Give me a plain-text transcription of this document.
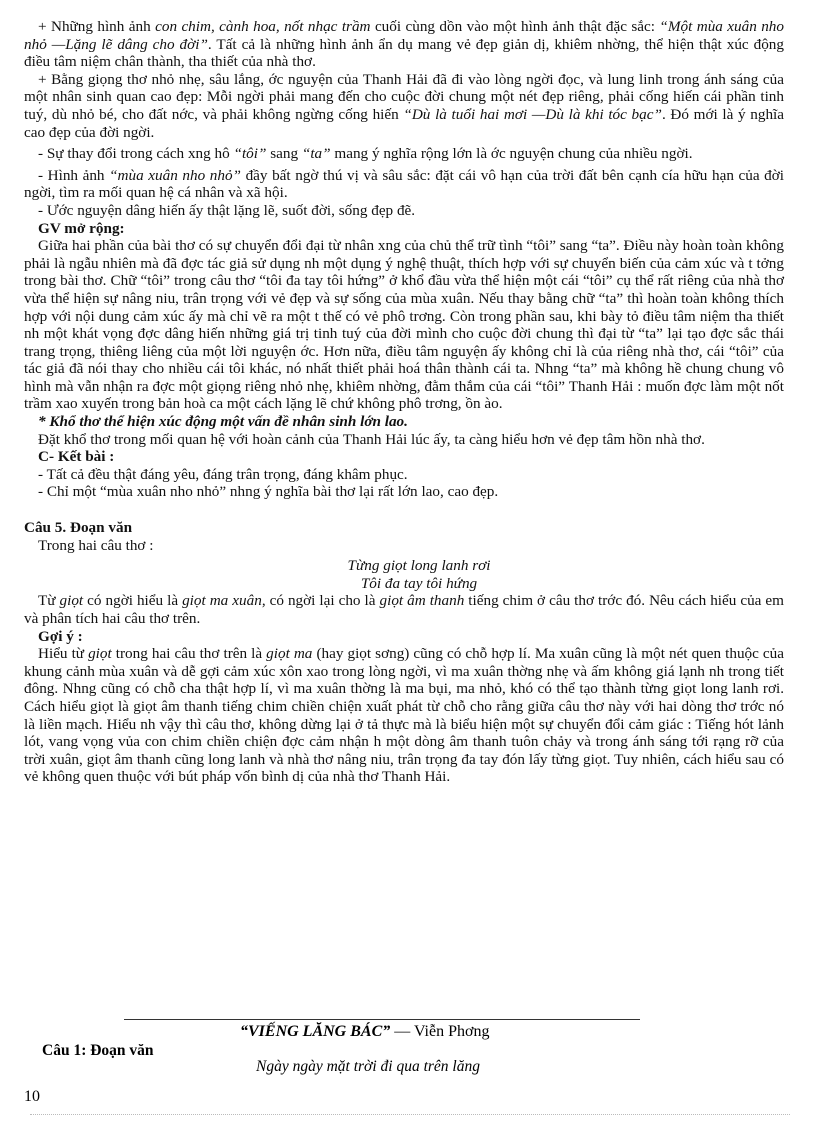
+ Những hình ảnh con chim, cành hoa, nốt nhạc trầm cuối cùng dồn vào một hình ảnh thật đặc sắc: “Một mùa xuân nho nhỏ —Lặng lẽ dâng cho đời”. Tất cả là những hình ảnh ẩn dụ mang vẻ đẹp giản dị, khiêm nhờng, thể hiện thật xúc động điều tâm niệm chân thành, tha thiết của nhà thơ.

+ Bằng giọng thơ nhỏ nhẹ, sâu lắng, ớc nguyện của Thanh Hải đã đi vào lòng ngời đọc, và lung linh trong ánh sáng của một nhân sinh quan cao đẹp: Mỗi ngời phải mang đến cho cuộc đời chung một nét đẹp riêng, phải cống hiến cái phần tinh tuý, dù nhỏ bé, cho đất nớc, và phải không ngừng cống hiến “Dù là tuổi hai mơi —Dù là khi tóc bạc”. Đó mới là ý nghĩa cao đẹp của đời ngời.

- Sự thay đổi trong cách xng hô “tôi” sang “ta” mang ý nghĩa rộng lớn là ớc nguyện chung của nhiều ngời.

- Hình ảnh “mùa xuân nho nhỏ” đầy bất ngờ thú vị và sâu sắc: đặt cái vô hạn của trời đất bên cạnh cía hữu hạn của đời ngời, tìm ra mối quan hệ cá nhân và xã hội.

- Ước nguyện dâng hiến ấy thật lặng lẽ, suốt đời, sống đẹp đẽ.

GV mở rộng:

Giữa hai phần của bài thơ có sự chuyển đổi đại từ nhân xng của chủ thể trữ tình “tôi” sang “ta”. Điều này hoàn toàn không phải là ngẫu nhiên mà đã đợc tác giả sử dụng nh một dụng ý nghệ thuật, thích hợp với sự chuyển biến của cảm xúc và t tởng trong bài thơ. Chữ “tôi” trong câu thơ “tôi đa tay tôi hứng” ở khổ đầu vừa thể hiện một cái “tôi” cụ thể rất riêng của nhà thơ vừa thể hiện sự nâng niu, trân trọng với vẻ đẹp và sự sống của mùa xuân. Nếu thay bằng chữ “ta” thì hoàn toàn không thích hợp với nội dung cảm xúc ấy mà chỉ vẽ ra một t thế có vẻ phô trơng. Còn trong phần sau, khi bày tỏ điều tâm niệm tha thiết nh một khát vọng đợc dâng hiến những giá trị tinh tuý của đời mình cho cuộc đời chung thì đại từ “ta” lại tạo đợc sắc thái trang trọng, thiêng liêng của một lời nguyện ớc. Hơn nữa, điều tâm nguyện ấy không chỉ là của riêng nhà thơ, cái “tôi” của tác giả đã nói thay cho nhiều cái tôi khác, nó nhất thiết phải hoá thân thành cái ta. Nhng “ta” mà không hề chung chung vô hình mà vẫn nhận ra đợc một giọng riêng nhỏ nhẹ, khiêm nhờng, đằm thắm của cái “tôi” Thanh Hải : muốn đợc làm một nốt trầm xao xuyến trong bản hoà ca một cách lặng lẽ chứ không phô trơng, ồn ào.

* Khổ thơ thể hiện xúc động một vấn đề nhân sinh lớn lao.

Đặt khổ thơ trong mối quan hệ với hoàn cảnh của Thanh Hải lúc ấy, ta càng hiểu hơn vẻ đẹp tâm hồn nhà thơ.

C- Kết bài :

- Tất cả đều thật đáng yêu, đáng trân trọng, đáng khâm phục.

- Chỉ một “mùa xuân nho nhỏ” nhng ý nghĩa bài thơ lại rất lớn lao, cao đẹp.

Câu 5. Đoạn văn

Trong hai câu thơ :

Từng giọt long lanh rơi

Tôi đa tay tôi hứng

Từ giọt có ngời hiểu là giọt ma xuân, có ngời lại cho là giọt âm thanh tiếng chim ở câu thơ trớc đó. Nêu cách hiểu của em và phân tích hai câu thơ trên.

Gợi ý :

Hiểu từ giọt trong hai câu thơ trên là giọt ma (hay giọt sơng) cũng có chỗ hợp lí. Ma xuân cũng là một nét quen thuộc của khung cảnh mùa xuân và dễ gợi cảm xúc xôn xao trong lòng ngời, vì ma xuân thờng nhẹ và ấm không giá lạnh nh trong tiết đông. Nhng cũng có chỗ cha thật hợp lí, vì ma xuân thờng là ma bụi, ma nhỏ, khó có thể tạo thành từng giọt long lanh rơi. Cách hiểu giọt là giọt âm thanh tiếng chim chiền chiện xuất phát từ chỗ cho rằng giữa câu thơ này với hai dòng thơ trớc nó là liền mạch. Hiểu nh vậy thì câu thơ, không dừng lại ở tả thực mà là biểu hiện một sự chuyển đổi cảm giác : Tiếng hót lảnh lót, vang vọng vủa con chim chiền chiện đợc cảm nhận h một dòng âm thanh tuôn chảy và trong ánh sáng tới rạng rỡ của trời xuân, giọt âm thanh cũng long lanh và nhà thơ nâng niu, trân trọng đa tay đón lấy từng giọt. Tuy nhiên, cách hiểu sau có vẻ không quen thuộc với bút pháp vốn bình dị của nhà thơ Thanh Hải.

“VIẾNG LĂNG BÁC” — Viễn Phơng
Câu 1: Đoạn văn
Ngày ngày mặt trời đi qua trên lăng
10
